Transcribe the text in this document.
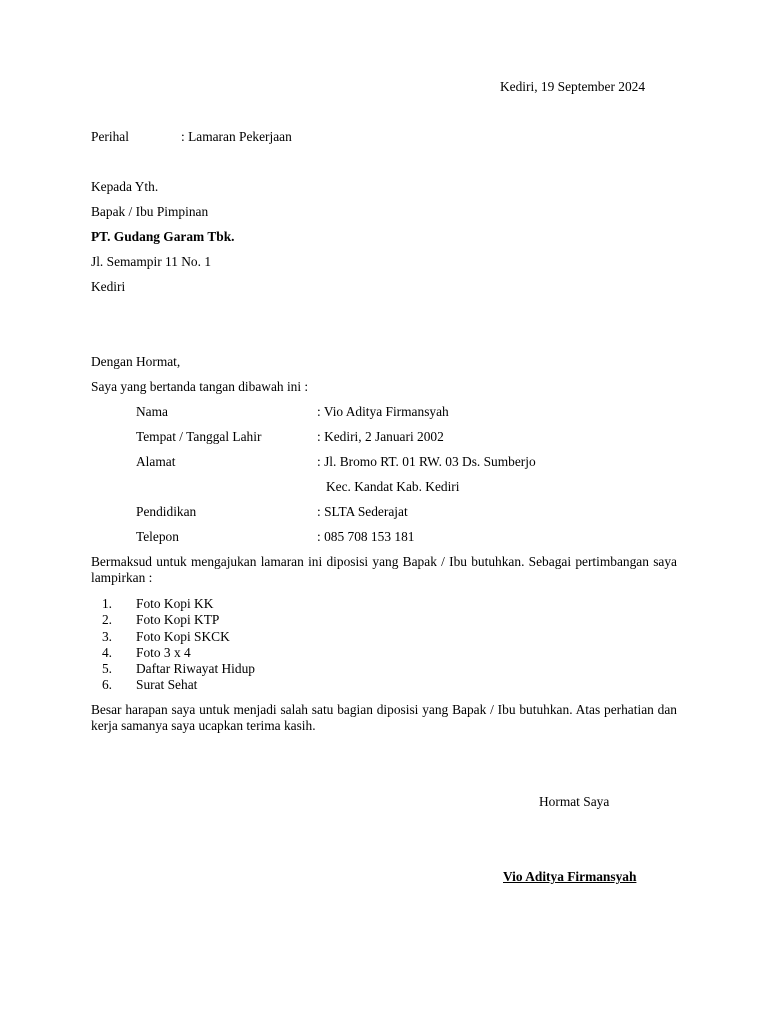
Kediri, 19 September 2024
Perihal	: Lamaran Pekerjaan
Kepada Yth.
Bapak / Ibu Pimpinan
PT. Gudang Garam Tbk.
Jl. Semampir 11 No. 1
Kediri
Dengan Hormat,
Saya yang bertanda tangan dibawah ini :
Nama	: Vio Aditya Firmansyah
Tempat / Tanggal Lahir	: Kediri, 2 Januari 2002
Alamat	: Jl. Bromo RT. 01 RW. 03 Ds. Sumberjo
Kec. Kandat Kab. Kediri
Pendidikan	: SLTA Sederajat
Telepon	: 085 708 153 181

Bermaksud untuk mengajukan lamaran ini diposisi yang Bapak / Ibu butuhkan. Sebagai pertimbangan saya lampirkan :

1. Foto Kopi KK
2. Foto Kopi KTP
3. Foto Kopi SKCK
4. Foto 3 x 4
5. Daftar Riwayat Hidup
6. Surat Sehat

Besar harapan saya untuk menjadi salah satu bagian diposisi yang Bapak / Ibu butuhkan. Atas perhatian dan kerja samanya saya ucapkan terima kasih.

Hormat Saya
Vio Aditya Firmansyah
